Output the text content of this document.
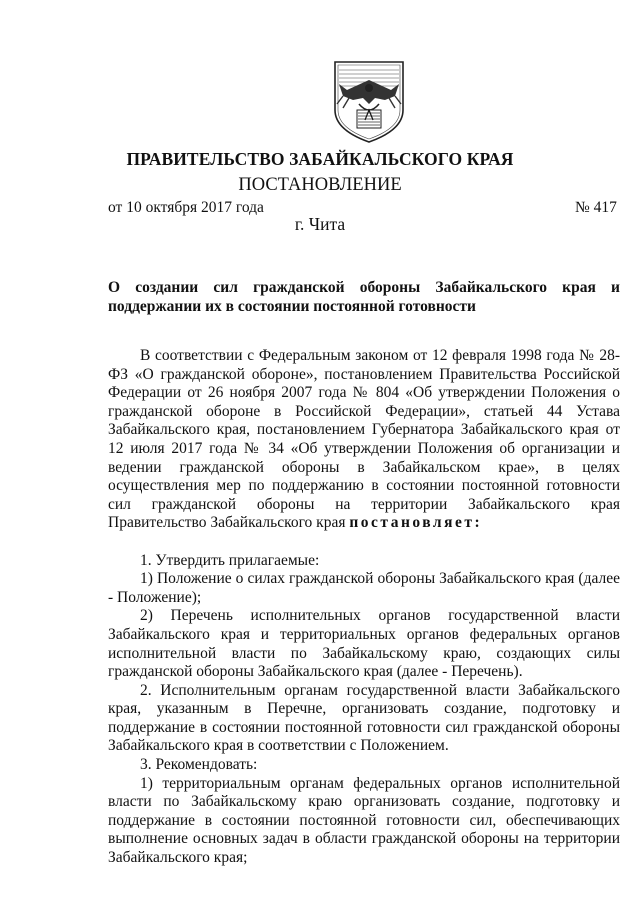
ПРАВИТЕЛЬСТВО ЗАБАЙКАЛЬСКОГО КРАЯ
ПОСТАНОВЛЕНИЕ
от 10 октября 2017 года	№ 417
г. Чита
О создании сил гражданской обороны Забайкальского края и поддержании их в состоянии постоянной готовности

В соответствии с Федеральным законом от 12 февраля 1998 года № 28-ФЗ «О гражданской обороне», постановлением Правительства Российской Федерации от 26 ноября 2007 года № 804 «Об утверждении Положения о гражданской обороне в Российской Федерации», статьей 44 Устава Забайкальского края, постановлением Губернатора Забайкальского края от 12 июля 2017 года № 34 «Об утверждении Положения об организации и ведении гражданской обороны в Забайкальском крае», в целях осуществления мер по поддержанию в состоянии постоянной готовности сил гражданской обороны на территории Забайкальского края Правительство Забайкальского края постановляет:

1. Утвердить прилагаемые:

1) Положение о силах гражданской обороны Забайкальского края (далее - Положение);

2) Перечень исполнительных органов государственной власти Забайкальского края и территориальных органов федеральных органов исполнительной власти по Забайкальскому краю, создающих силы гражданской обороны Забайкальского края (далее - Перечень).

2. Исполнительным органам государственной власти Забайкальского края, указанным в Перечне, организовать создание, подготовку и поддержание в состоянии постоянной готовности сил гражданской обороны Забайкальского края в соответствии с Положением.

3. Рекомендовать:

1) территориальным органам федеральных органов исполнительной власти по Забайкальскому краю организовать создание, подготовку и поддержание в состоянии постоянной готовности сил, обеспечивающих выполнение основных задач в области гражданской обороны на территории Забайкальского края;
